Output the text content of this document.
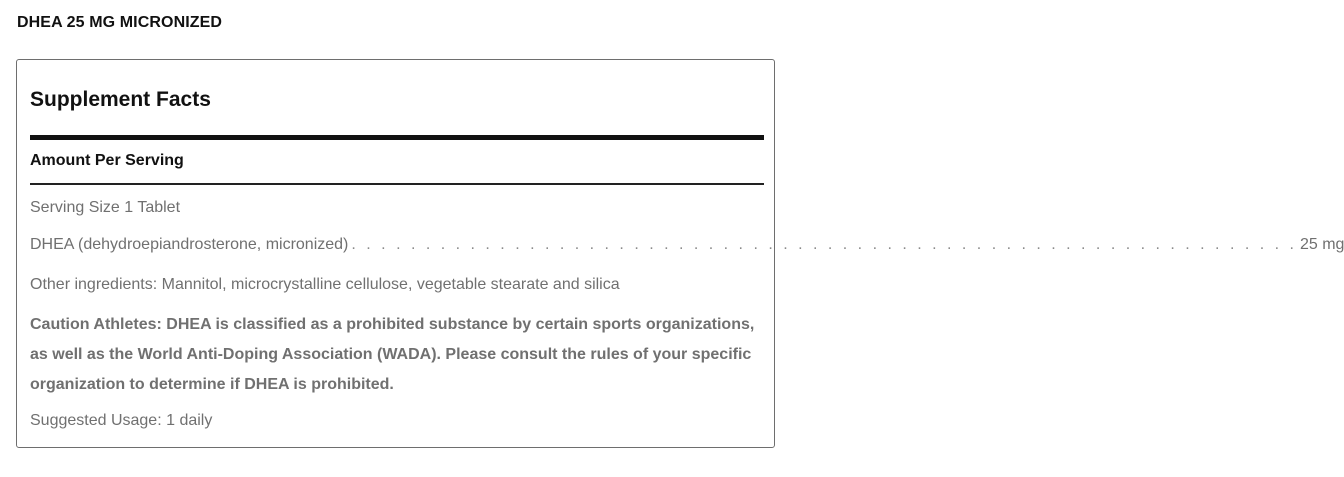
DHEA 25 MG MICRONIZED
Supplement Facts
Amount Per Serving
Serving Size 1 Tablet
DHEA (dehydroepiandrosterone, micronized) . . . . . . . . . . . . . . . . . . . . . . . . . . . . . . . . . . . . . . . . . . . . . . . . . . . . . . . . . . . . . . . . 25 mg
Other ingredients: Mannitol, microcrystalline cellulose, vegetable stearate and silica
Caution Athletes: DHEA is classified as a prohibited substance by certain sports organizations, as well as the World Anti-Doping Association (WADA). Please consult the rules of your specific organization to determine if DHEA is prohibited.
Suggested Usage: 1 daily
